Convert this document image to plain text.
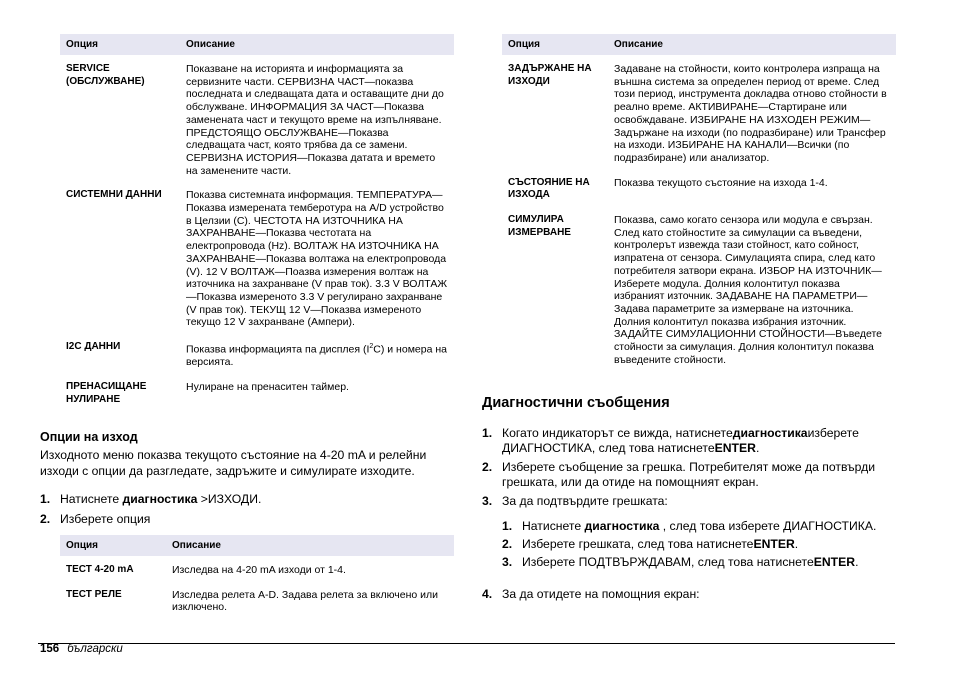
Опция	Описание
SERVICE (ОБСЛУЖВАНЕ)	Показване на историята и информацията за сервизните части. СЕРВИЗНА ЧАСТ—показва последната и следващата дата и оставащите дни до обслужване. ИНФОРМАЦИЯ ЗА ЧАСТ—Показва заменената част и текущото време на изпълняване. ПРЕДСТОЯЩО ОБСЛУЖВАНЕ—Показва следващата част, която трябва да се замени. СЕРВИЗНА ИСТОРИЯ—Показва датата и времето на заменените части.
СИСТЕМНИ ДАННИ	Показва системната информация. ТЕМПЕРАТУРА—Показва измерената темберотура на A/D устройство в Целзии (C). ЧЕСТОТА НА ИЗТОЧНИКА НА ЗАХРАНВАНЕ—Показва честотата на електропровода (Hz). ВОЛТАЖ НА ИЗТОЧНИКА НА ЗАХРАНВАНЕ—Показва волтажа на електропровода (V). 12 V ВОЛТАЖ—Поазва измерения волтаж на източника на захранване (V прав ток). 3.3 V ВОЛТАЖ—Показва измереното 3.3 V регулирано захранване (V прав ток). ТЕКУЩ 12 V—Показва измереното текущо 12 V захранване (Ампери).
I2C ДАННИ	Показва информацията па дисплея $(I^2C)$ и номера на версията.
ПРЕНАСИЩАНЕ НУЛИРАНЕ	Нулиране на пренаситен таймер.
Опции на изход
Изходното меню показва текущото състояние на 4-20 mA и релейни изходи с опции да разгледате, задръжите и симулирате изходите.
1. Натиснете диагностика >ИЗХОДИ.
2. Изберете опция
Опция	Описание
ТЕСТ 4-20 mA	Изследва на 4-20 mA изходи от 1-4.
ТЕСТ РЕЛЕ	Изследва релета A-D. Задава релета за включено или изключено.
Опция	Описание
ЗАДЪРЖАНЕ НА ИЗХОДИ	Задаване на стойности, които контролера изпраща на външна система за определен период от време. След този период, инструмента докладва отново стойности в реално време. АКТИВИРАНЕ—Стартиране или освобждаване. ИЗБИРАНЕ НА ИЗХОДЕН РЕЖИМ—Задържане на изходи (по подразбиране) или Трансфер на изходи. ИЗБИРАНЕ НА КАНАЛИ—Всички (по подразбиране) или анализатор.
СЪСТОЯНИЕ НА ИЗХОДА	Показва текущото състояние на изхода 1-4.
СИМУЛИРА ИЗМЕРВАНЕ	Показва, само когато сензора или модула е свързан. След като стойностите за симулации са въведени, контролерът извежда тази стойност, като сойност, изпратена от сензора. Симулацията спира, след като потребителя затвори екрана. ИЗБОР НА ИЗТОЧНИК—Изберете модула. Долния колонтитул показва избраният източник. ЗАДАВАНЕ НА ПАРАМЕТРИ—Задава параметрите за измерване на източника. Долния колонтитул показва избрания източник. ЗАДАЙТЕ СИМУЛАЦИОННИ СТОЙНОСТИ—Въведете стойности за симулация. Долния колонтитул показва въведените стойности.
Диагностични съобщения
1. Когато индикаторът се вижда, натиснетедиагностикаизберете ДИАГНОСТИКА, след това натиснетеENTER.
2. Изберете съобщение за грешка. Потребителят може да потвърди грешката, или да отиде на помощният екран.
3. За да подтвърдите грешката:
1. Натиснете диагностика , след това изберете ДИАГНОСТИКА.
2. Изберете грешката, след това натиснетеENTER.
3. Изберете ПОДТВЪРЖДАВАМ, след това натиснетеENTER.
4. За да отидете на помощния екран:
156 български
